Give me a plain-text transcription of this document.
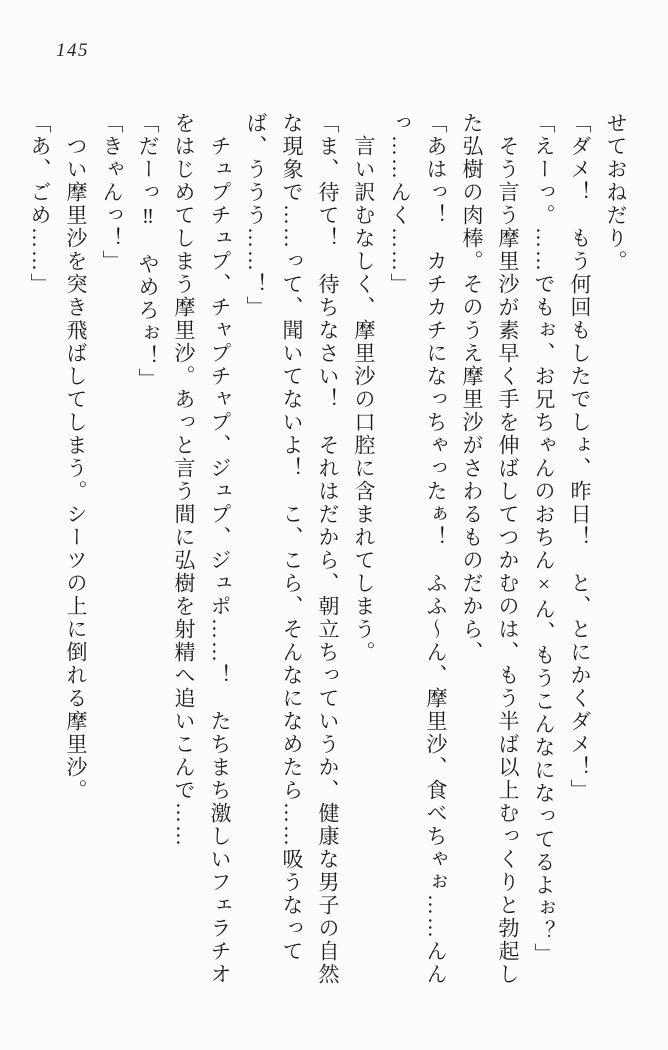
145

せておねだり。

「ダメ！　もう何回もしたでしょ、昨日！　と、とにかくダメ！」

「えーっ。……でもぉ、お兄ちゃんのおちん×ん、もうこんなになってるよぉ？」

そう言う摩里沙が素早く手を伸ばしてつかむのは、もう半ば以上むっくりと勃起した弘樹の肉棒。そのうえ摩里沙がさわるものだから、

「あはっ！　カチカチになっちゃったぁ！　ふふ〜ん、摩里沙、食べちゃぉ……んんっ……んく……」

言い訳むなしく、摩里沙の口腔に含まれてしまう。

「ま、待て！　待ちなさい！　それはだから、朝立ちっていうか、健康な男子の自然な現象で……って、聞いてないよ！　こ、こら、そんなになめたら……吸うなってば、ううう……！」

チュプチュプ、チャプチャプ、ジュプ、ジュポ……！　たちまち激しいフェラチオをはじめてしまう摩里沙。あっと言う間に弘樹を射精へ追いこんで……

「だーっ‼　やめろぉ！」

「きゃんっ！」

つい摩里沙を突き飛ばしてしまう。シーツの上に倒れる摩里沙。

「あ、ごめ……」
